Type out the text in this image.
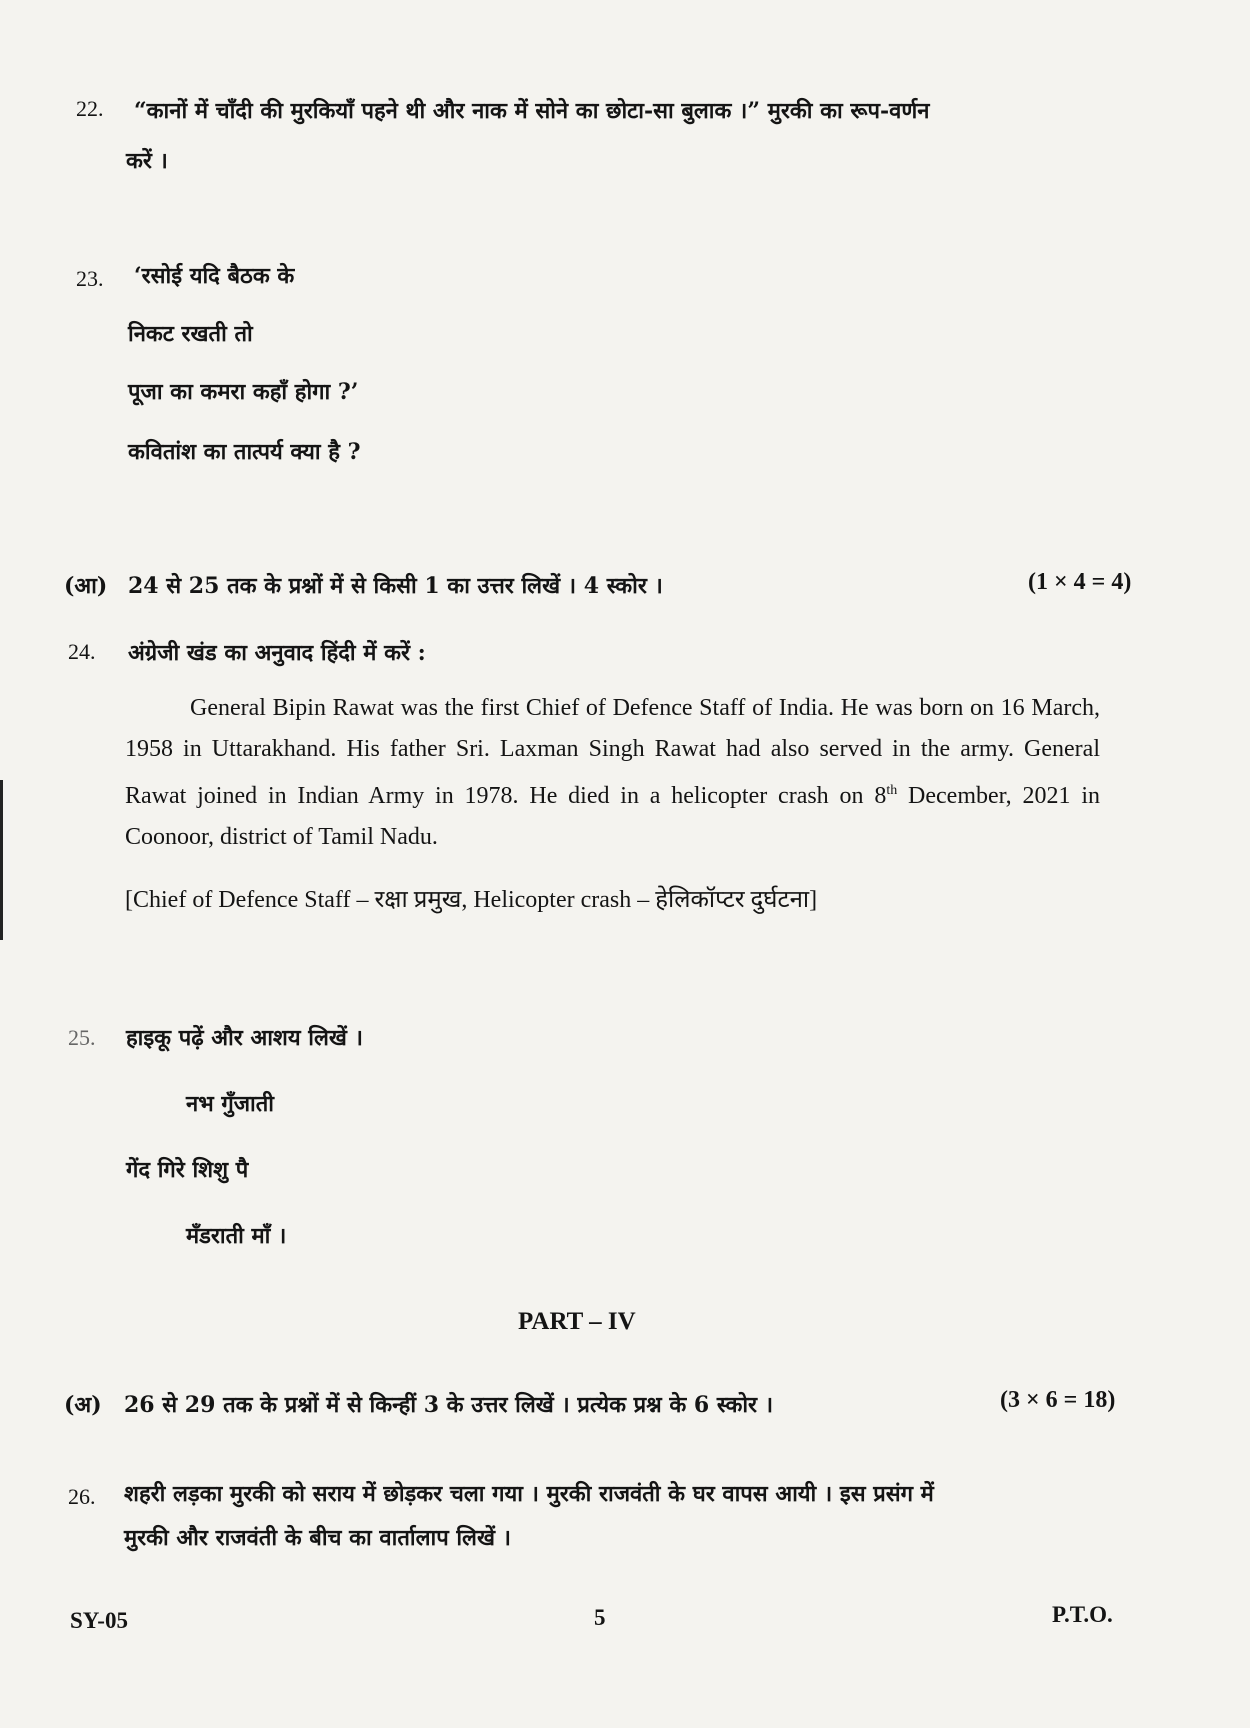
22. “कानों में चाँदी की मुरकियाँ पहने थी और नाक में सोने का छोटा-सा बुलाक ।” मुरकी का रूप-वर्णन
करें ।
23. ‘रसोई यदि बैठक के
निकट रखती तो
पूजा का कमरा कहाँ होगा ?’
कवितांश का तात्पर्य क्या है ?
(आ) 24 से 25 तक के प्रश्नों में से किसी 1 का उत्तर लिखें । 4 स्कोर ।	(1 × 4 = 4)
24. अंग्रेजी खंड का अनुवाद हिंदी में करें :
General Bipin Rawat was the first Chief of Defence Staff of India. He was born on 16 March, 1958 in Uttarakhand. His father Sri. Laxman Singh Rawat had also served in the army. General Rawat joined in Indian Army in 1978. He died in a helicopter crash on 8th December, 2021 in Coonoor, district of Tamil Nadu.
[Chief of Defence Staff – रक्षा प्रमुख, Helicopter crash – हेलिकॉप्टर दुर्घटना]
25. हाइकू पढ़ें और आशय लिखें ।
नभ गुँजाती
गेंद गिरे शिशु पै
मँडराती माँ ।
PART – IV
(अ) 26 से 29 तक के प्रश्नों में से किन्हीं 3 के उत्तर लिखें । प्रत्येक प्रश्न के 6 स्कोर ।	(3 × 6 = 18)
26. शहरी लड़का मुरकी को सराय में छोड़कर चला गया । मुरकी राजवंती के घर वापस आयी । इस प्रसंग में
मुरकी और राजवंती के बीच का वार्तालाप लिखें ।
SY-05	5	P.T.O.
